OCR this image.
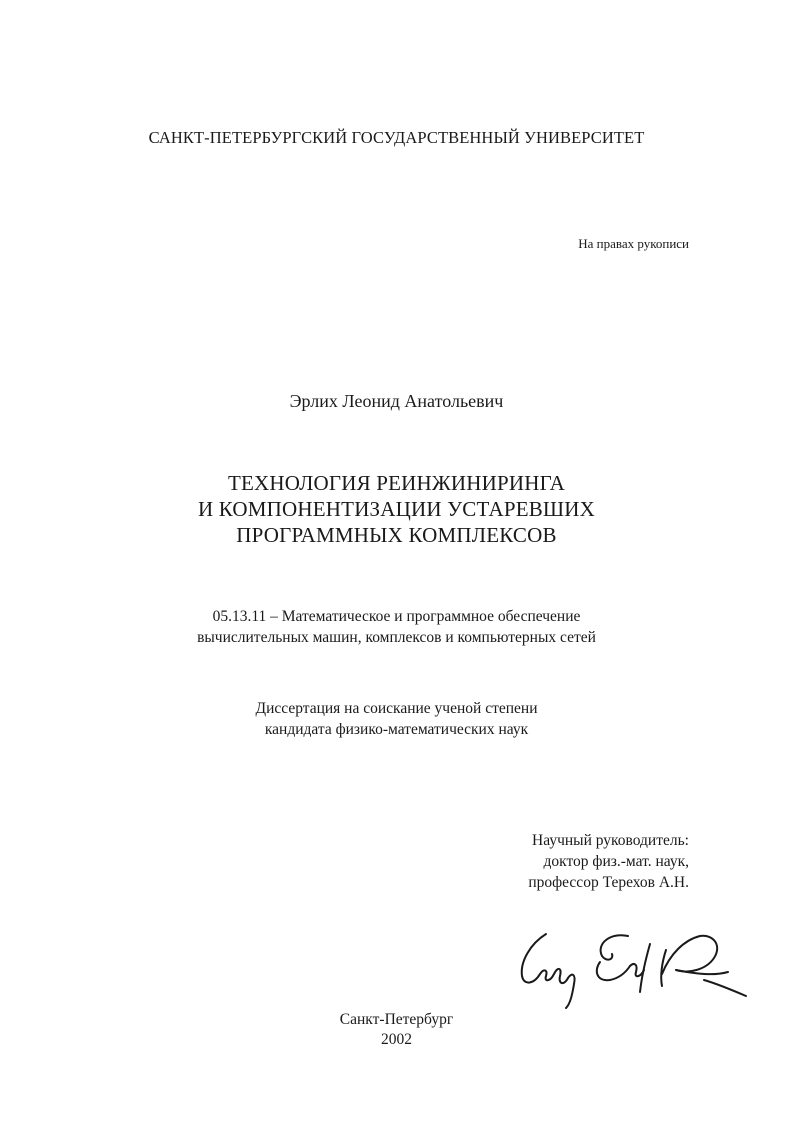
САНКТ-ПЕТЕРБУРГСКИЙ ГОСУДАРСТВЕННЫЙ УНИВЕРСИТЕТ
На правах рукописи
Эрлих Леонид Анатольевич
ТЕХНОЛОГИЯ РЕИНЖИНИРИНГА
И КОМПОНЕНТИЗАЦИИ УСТАРЕВШИХ
ПРОГРАММНЫХ КОМПЛЕКСОВ
05.13.11 – Математическое и программное обеспечение
вычислительных машин, комплексов и компьютерных сетей
Диссертация на соискание ученой степени
кандидата физико-математических наук
Научный руководитель:
доктор физ.-мат. наук,
профессор Терехов А.Н.
Санкт-Петербург
2002
